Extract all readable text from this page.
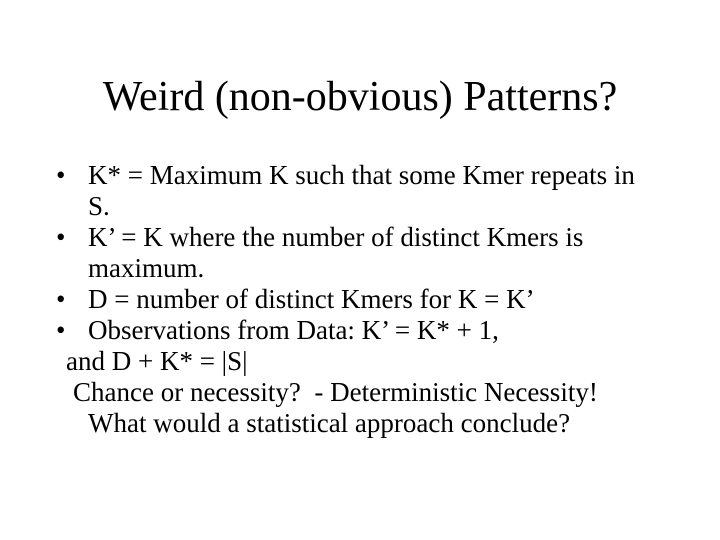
Weird (non-obvious) Patterns?
• K* = Maximum K such that some Kmer repeats in S.
• K’ = K where the number of distinct Kmers is maximum.
• D = number of distinct Kmers for K = K’
• Observations from Data: K’ = K* + 1,
and D + K* = |S|
Chance or necessity?  - Deterministic Necessity!
What would a statistical approach conclude?
